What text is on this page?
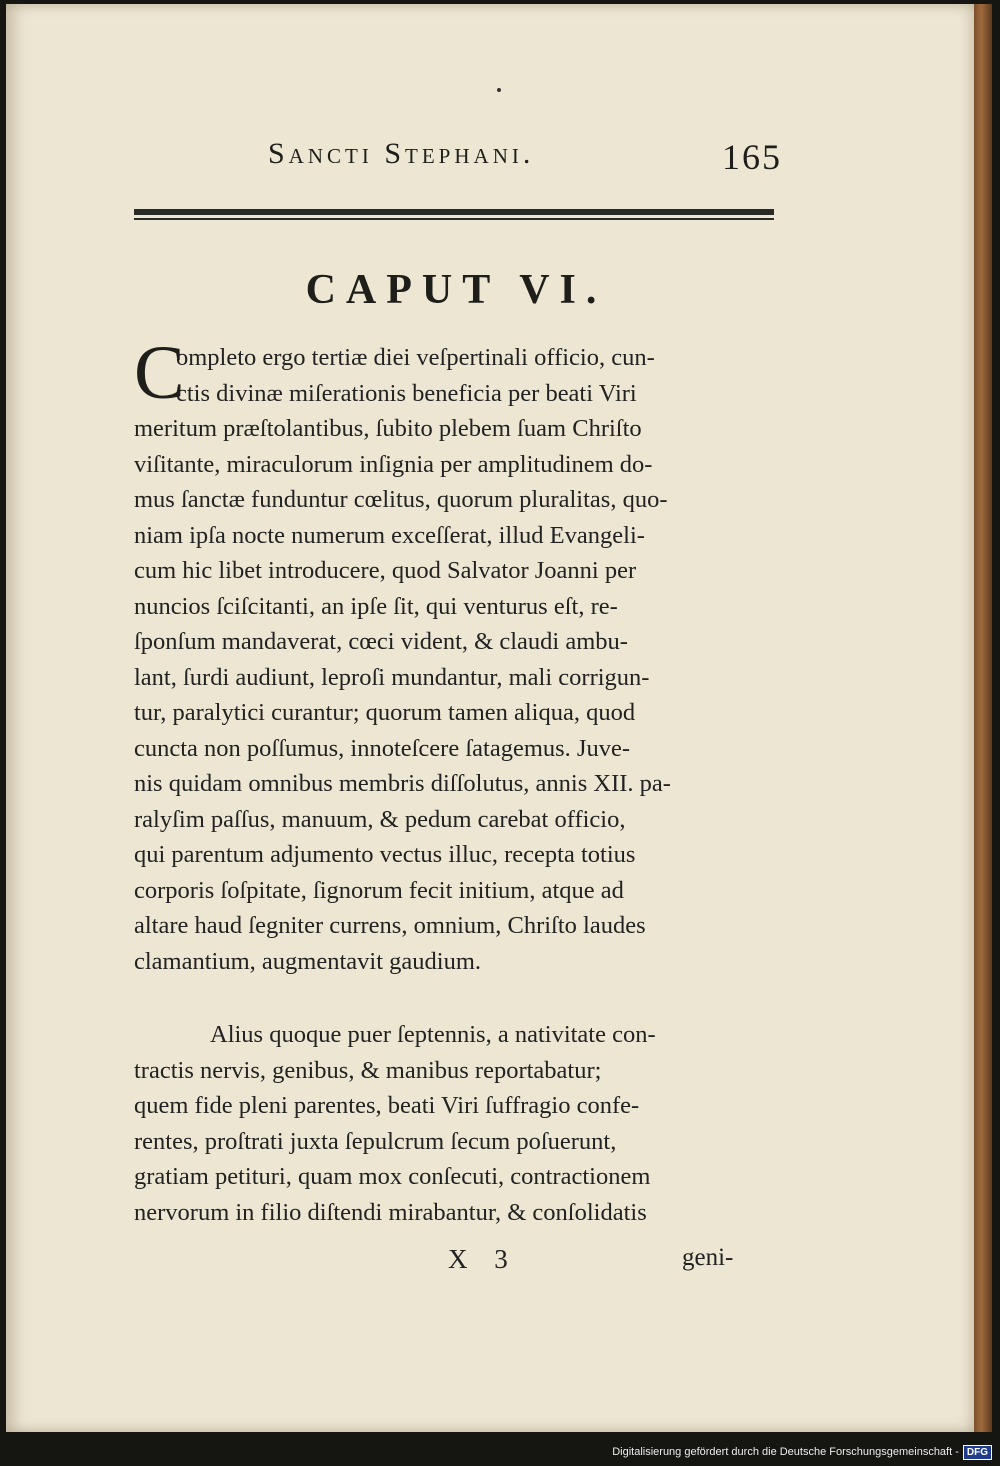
Sancti Stephani.	165
CAPUT VI.
C
ompleto ergo tertiæ diei veſpertinali officio, cun-
ctis divinæ miſerationis beneficia per beati Viri
meritum præſtolantibus, ſubito plebem ſuam Chriſto
viſitante, miraculorum inſignia per amplitudinem do-
mus ſanctæ funduntur cœlitus, quorum pluralitas, quo-
niam ipſa nocte numerum exceſſerat, illud Evangeli-
cum hic libet introducere, quod Salvator Joanni per
nuncios ſciſcitanti, an ipſe ſit, qui venturus eſt, re-
ſponſum mandaverat, cœci vident, & claudi ambu-
lant, ſurdi audiunt, leproſi mundantur, mali corrigun-
tur, paralytici curantur; quorum tamen aliqua, quod
cuncta non poſſumus, innoteſcere ſatagemus. Juve-
nis quidam omnibus membris diſſolutus, annis XII. pa-
ralyſim paſſus, manuum, & pedum carebat officio,
qui parentum adjumento vectus illuc, recepta totius
corporis ſoſpitate, ſignorum fecit initium, atque ad
altare haud ſegniter currens, omnium, Chriſto laudes
clamantium, augmentavit gaudium.
Alius quoque puer ſeptennis, a nativitate con-
tractis nervis, genibus, & manibus reportabatur;
quem fide pleni parentes, beati Viri ſuffragio confe-
rentes, proſtrati juxta ſepulcrum ſecum poſuerunt,
gratiam petituri, quam mox conſecuti, contractionem
nervorum in filio diſtendi mirabantur, & conſolidatis
X 3	geni-
Digitalisierung gefördert durch die Deutsche Forschungsgemeinschaft - DFG
